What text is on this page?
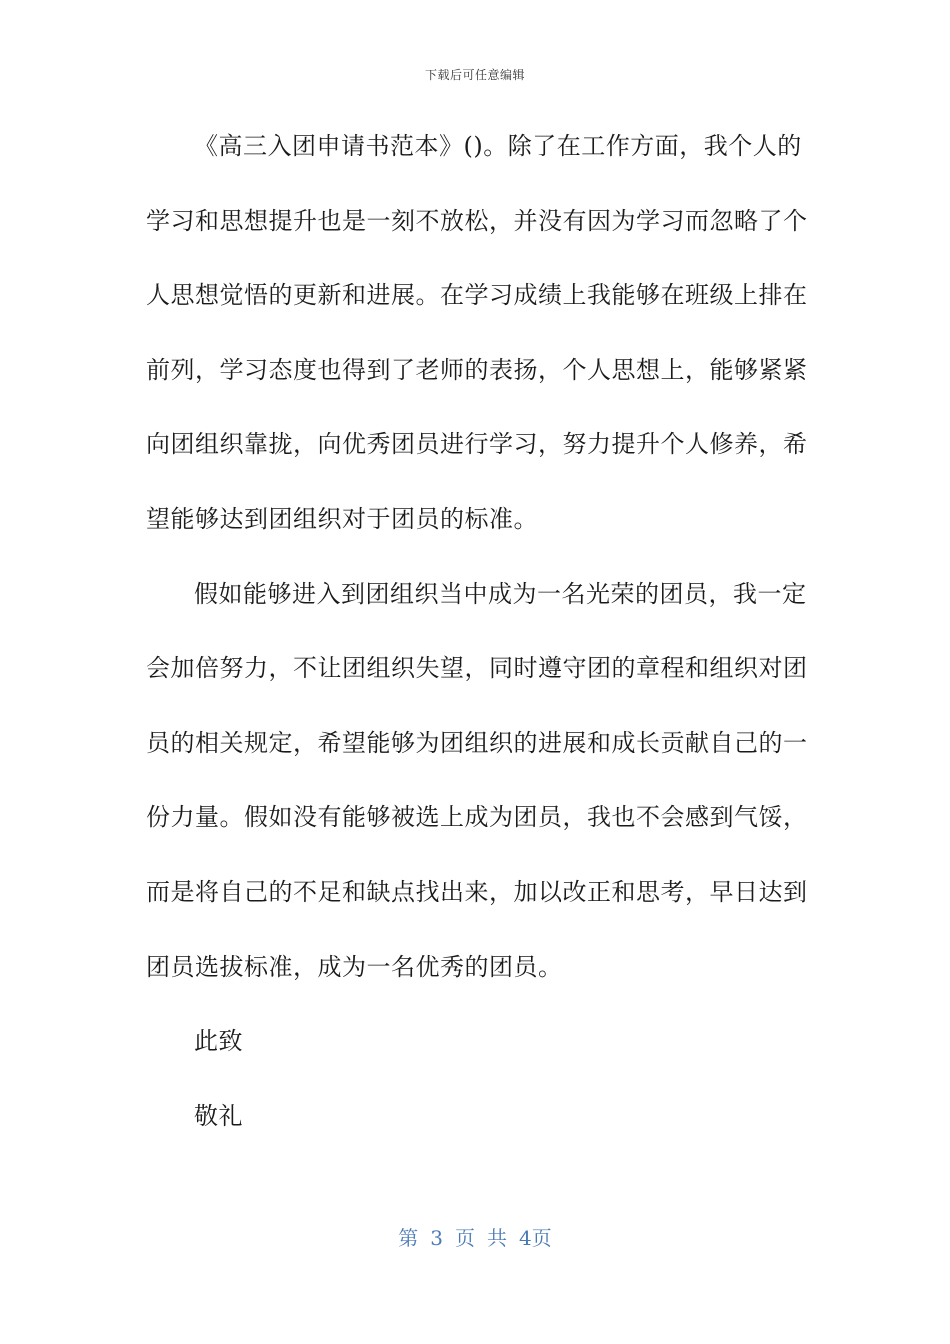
下载后可任意编辑
《高三入团申请书范本》()。除了在工作方面，我个人的
学习和思想提升也是一刻不放松，并没有因为学习而忽略了个
人思想觉悟的更新和进展。在学习成绩上我能够在班级上排在
前列，学习态度也得到了老师的表扬，个人思想上，能够紧紧
向团组织靠拢，向优秀团员进行学习，努力提升个人修养，希
望能够达到团组织对于团员的标准。
假如能够进入到团组织当中成为一名光荣的团员，我一定
会加倍努力，不让团组织失望，同时遵守团的章程和组织对团
员的相关规定，希望能够为团组织的进展和成长贡献自己的一
份力量。假如没有能够被选上成为团员，我也不会感到气馁，
而是将自己的不足和缺点找出来，加以改正和思考，早日达到
团员选拔标准，成为一名优秀的团员。
此致
敬礼
第 3 页 共 4页
